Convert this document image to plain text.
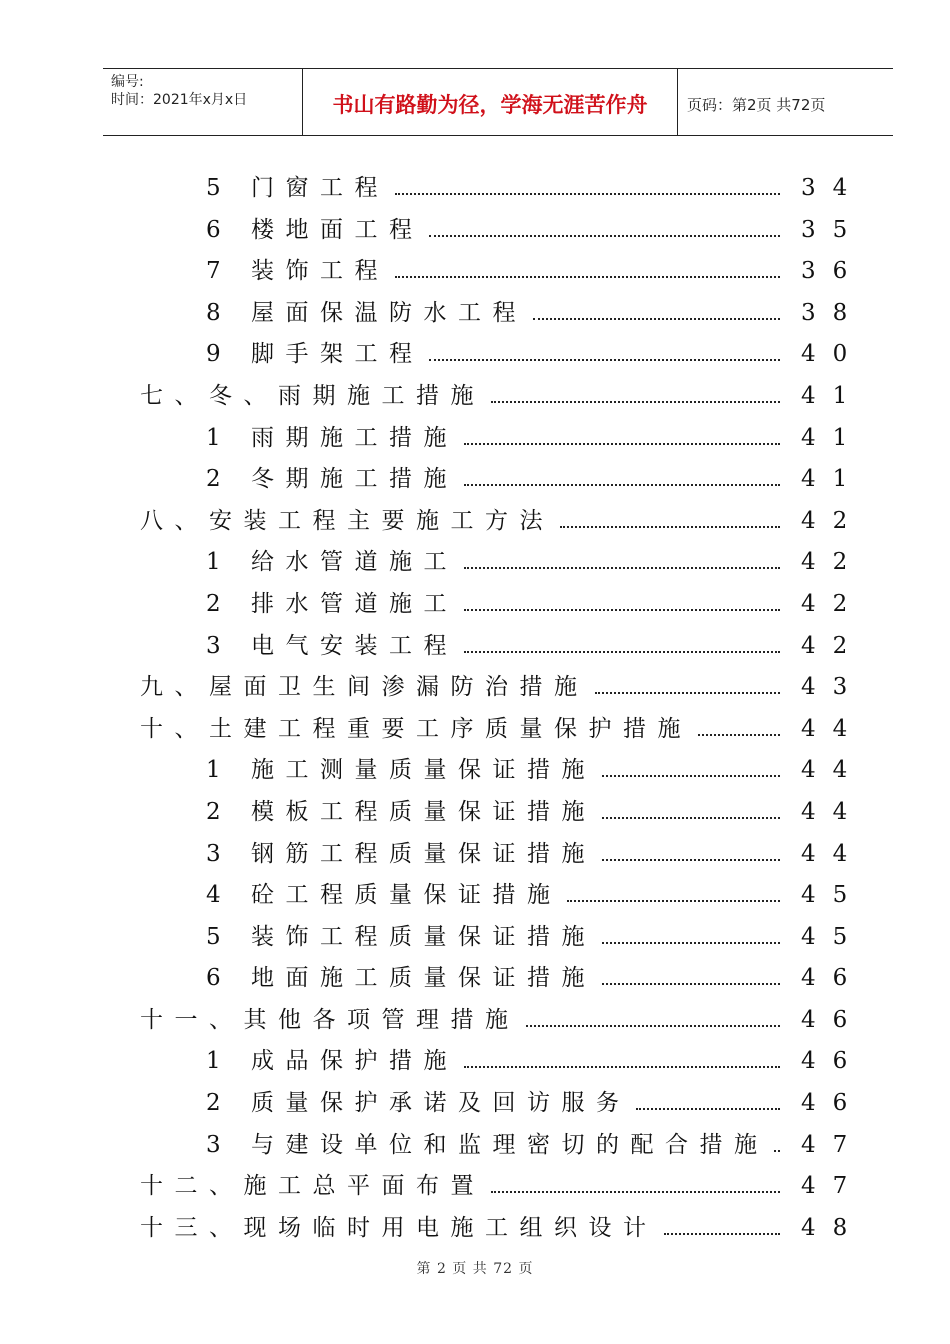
编号:
时间：2021年x月x日	书山有路勤为径，学海无涯苦作舟	页码：第2页 共72页
5 门窗工程	34
6 楼地面工程	35
7 装饰工程	36
8 屋面保温防水工程	38
9 脚手架工程	40
七、冬、雨期施工措施	41
1 雨期施工措施	41
2 冬期施工措施	41
八、安装工程主要施工方法	42
1 给水管道施工	42
2 排水管道施工	42
3 电气安装工程	42
九、屋面卫生间渗漏防治措施	43
十、土建工程重要工序质量保护措施	44
1 施工测量质量保证措施	44
2 模板工程质量保证措施	44
3 钢筋工程质量保证措施	44
4 砼工程质量保证措施	45
5 装饰工程质量保证措施	45
6 地面施工质量保证措施	46
十一、其他各项管理措施	46
1 成品保护措施	46
2 质量保护承诺及回访服务	46
3 与建设单位和监理密切的配合措施 47
十二、施工总平面布置	47
十三、现场临时用电施工组织设计	48
第 2 页 共 72 页
